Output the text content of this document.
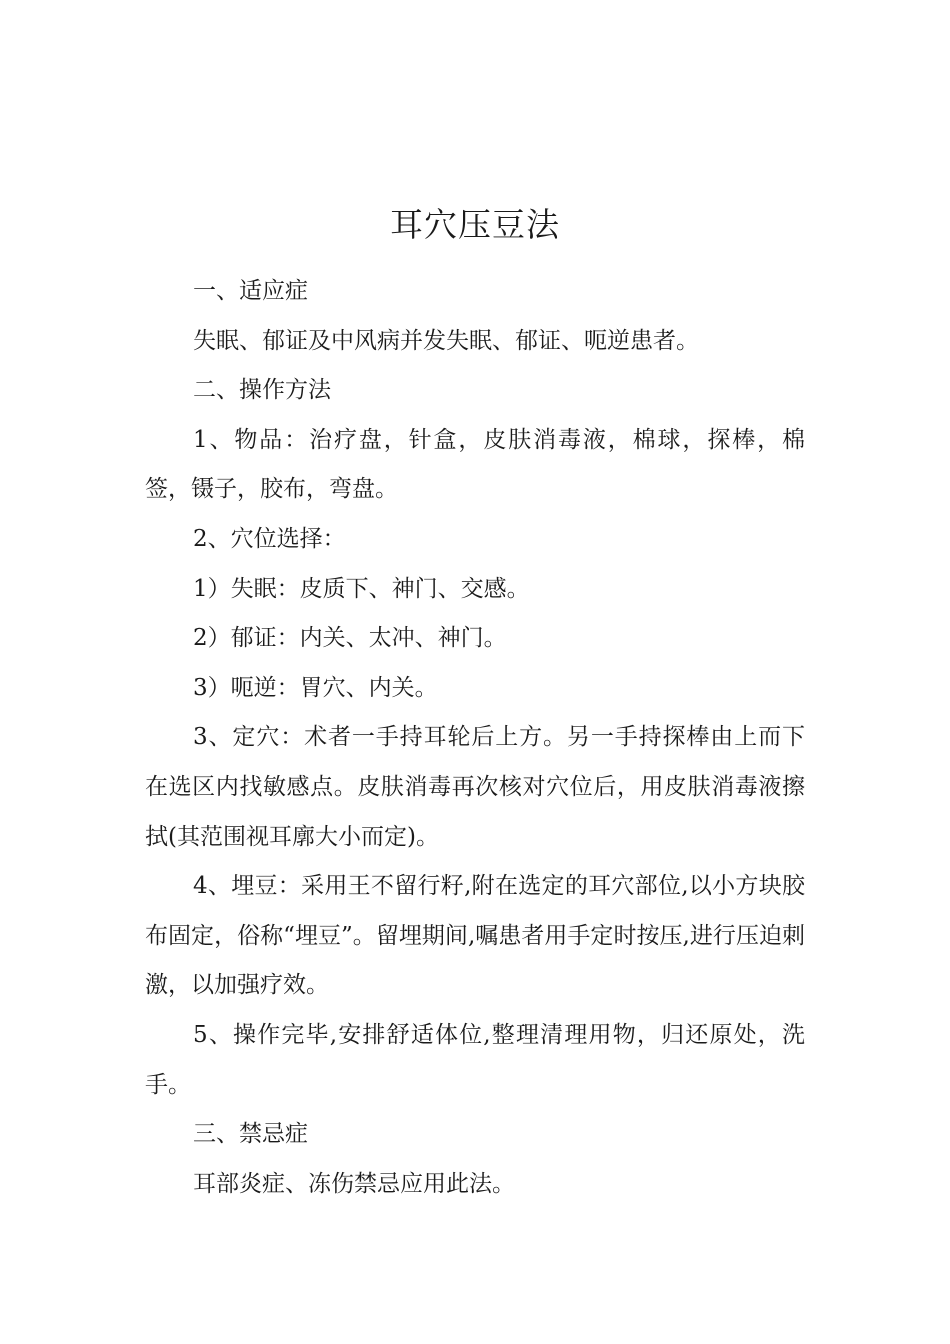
耳穴压豆法

一、适应症

失眠、郁证及中风病并发失眠、郁证、呃逆患者。

二、操作方法

1、物品：治疗盘，针盒，皮肤消毒液，棉球，探棒，棉签，镊子，胶布，弯盘。

2、穴位选择：

1）失眠：皮质下、神门、交感。

2）郁证：内关、太冲、神门。

3）呃逆：胃穴、内关。

3、定穴：术者一手持耳轮后上方。另一手持探棒由上而下在选区内找敏感点。皮肤消毒再次核对穴位后，用皮肤消毒液擦拭(其范围视耳廓大小而定)。

4、埋豆：采用王不留行籽,附在选定的耳穴部位,以小方块胶布固定，俗称“埋豆”。留埋期间,嘱患者用手定时按压,进行压迫刺激，以加强疗效。

5、操作完毕,安排舒适体位,整理清理用物，归还原处，洗手。

三、禁忌症

耳部炎症、冻伤禁忌应用此法。
